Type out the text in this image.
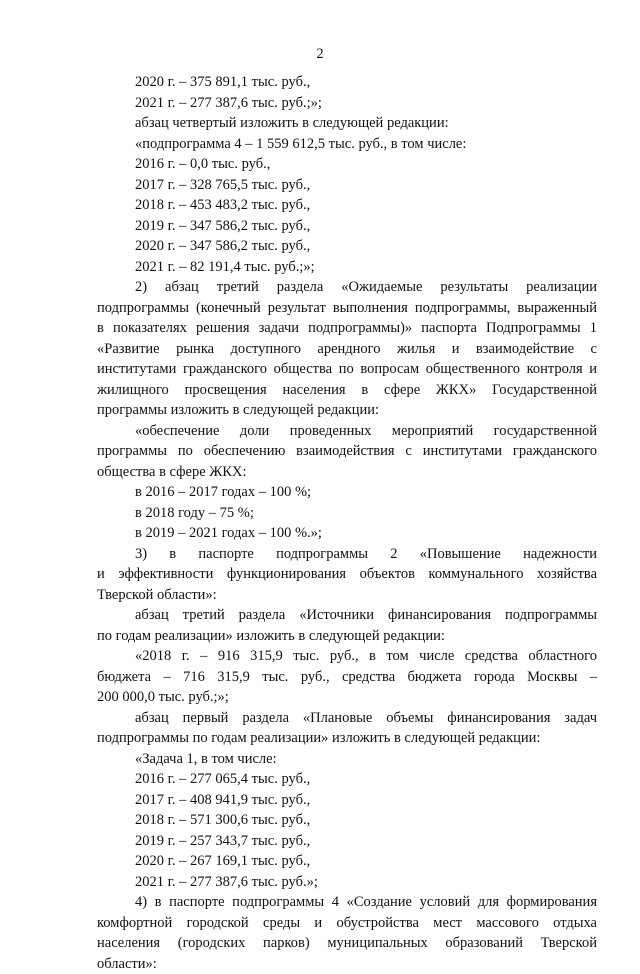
2
2020 г. – 375 891,1 тыс. руб.,
2021 г. – 277 387,6 тыс. руб.;»;
абзац четвертый изложить в следующей редакции:
«подпрограмма 4 – 1 559 612,5 тыс. руб., в том числе:
2016 г. – 0,0 тыс. руб.,
2017 г. – 328 765,5 тыс. руб.,
2018 г. – 453 483,2 тыс. руб.,
2019 г. – 347 586,2 тыс. руб.,
2020 г. – 347 586,2 тыс. руб.,
2021 г. – 82 191,4 тыс. руб.;»;
2) абзац третий раздела «Ожидаемые результаты реализации
подпрограммы (конечный результат выполнения подпрограммы, выраженный
в показателях решения задачи подпрограммы)» паспорта Подпрограммы 1
«Развитие рынка доступного арендного жилья и взаимодействие с
институтами гражданского общества по вопросам общественного контроля и
жилищного просвещения населения в сфере ЖКХ» Государственной
программы изложить в следующей редакции:
«обеспечение доли проведенных мероприятий государственной
программы по обеспечению взаимодействия с институтами гражданского
общества в сфере ЖКХ:
в 2016 – 2017 годах – 100 %;
в 2018 году – 75 %;
в 2019 – 2021 годах – 100 %.»;
3) в паспорте подпрограммы 2 «Повышение надежности
и эффективности функционирования объектов коммунального хозяйства
Тверской области»:
абзац третий раздела «Источники финансирования подпрограммы
по годам реализации» изложить в следующей редакции:
«2018 г. – 916 315,9 тыс. руб., в том числе средства областного
бюджета – 716 315,9 тыс. руб., средства бюджета города Москвы –
200 000,0 тыс. руб.;»;
абзац первый раздела «Плановые объемы финансирования задач
подпрограммы по годам реализации» изложить в следующей редакции:
«Задача 1, в том числе:
2016 г. – 277 065,4 тыс. руб.,
2017 г. – 408 941,9 тыс. руб.,
2018 г. – 571 300,6 тыс. руб.,
2019 г. – 257 343,7 тыс. руб.,
2020 г. – 267 169,1 тыс. руб.,
2021 г. – 277 387,6 тыс. руб.»;
4) в паспорте подпрограммы 4 «Создание условий для формирования
комфортной городской среды и обустройства мест массового отдыха
населения (городских парков) муниципальных образований Тверской
области»:
